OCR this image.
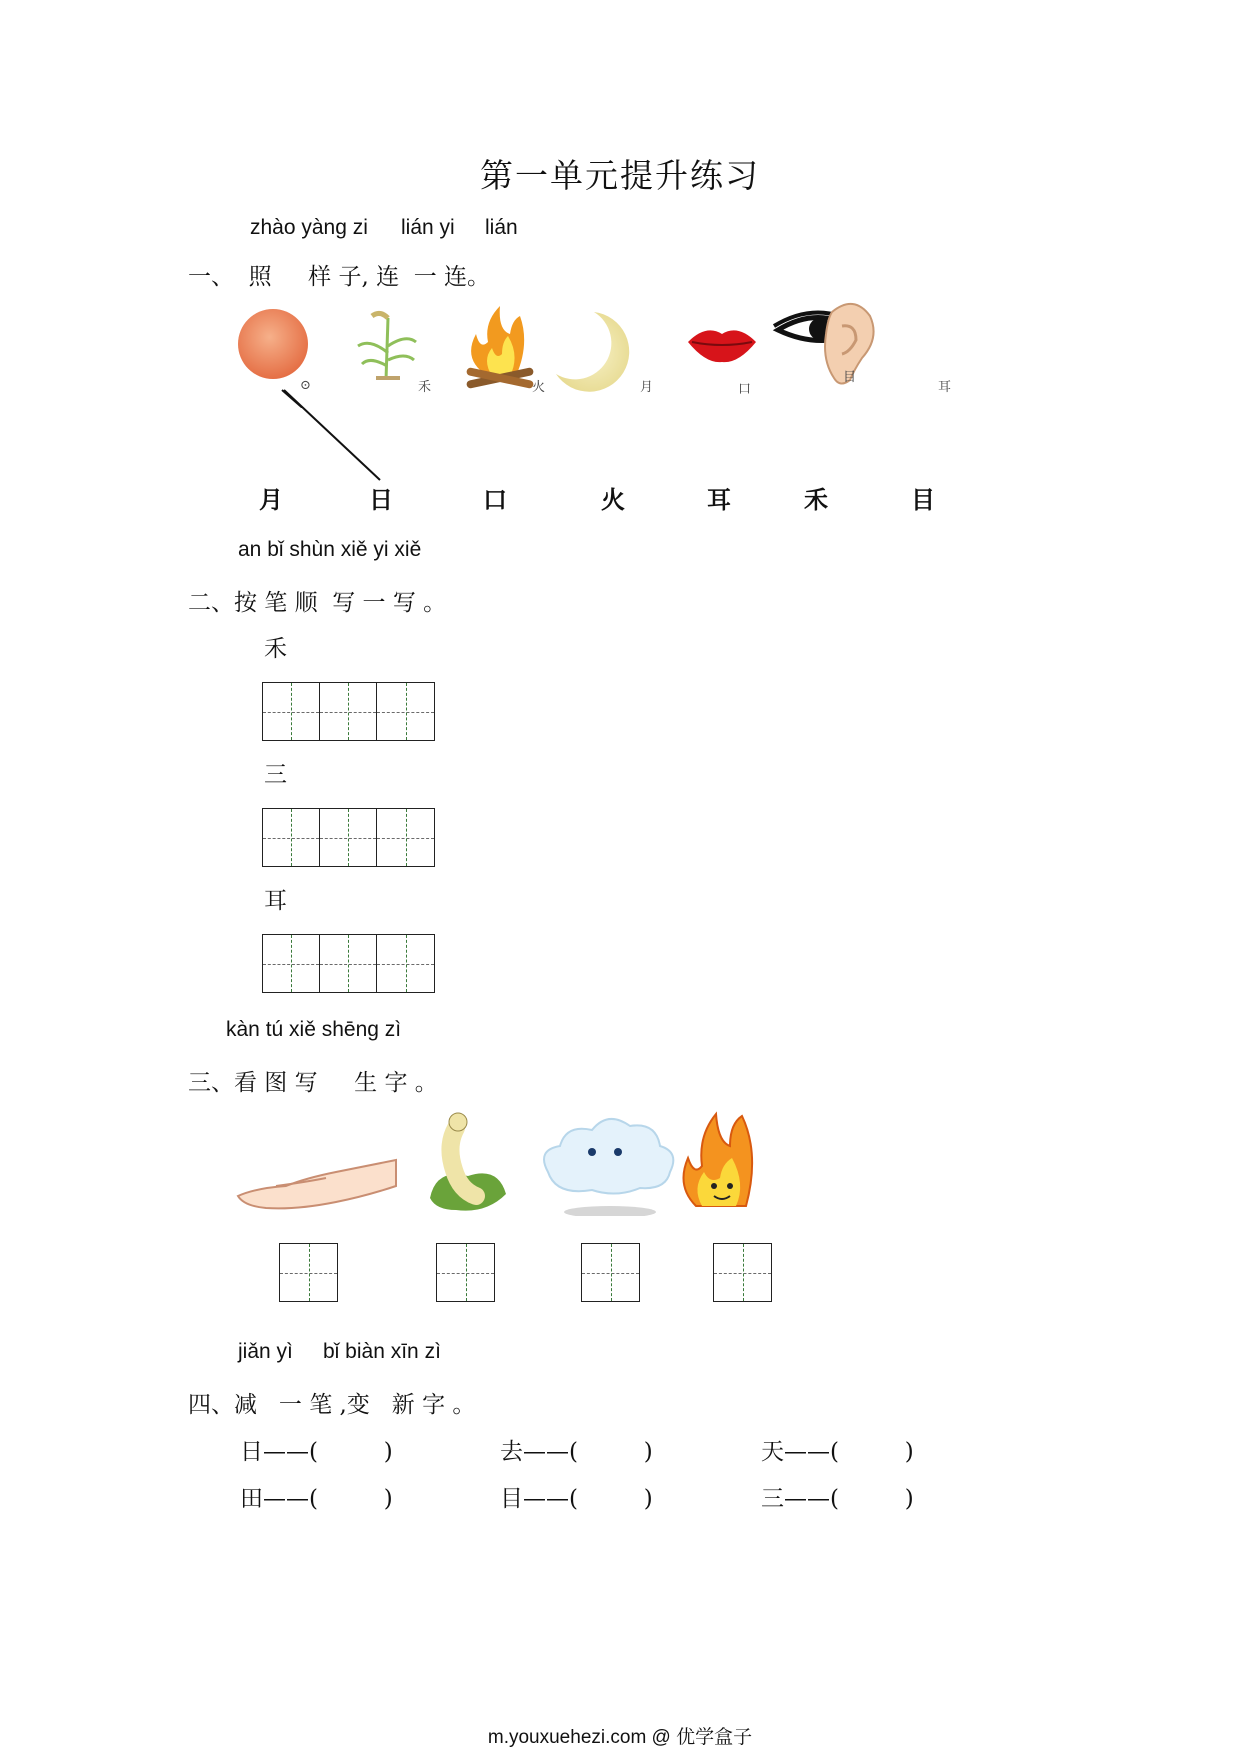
第一单元提升练习
zhào yàng zi lián yi lián
一、  照     样 子, 连  一 连。
⊙	禾	火	月	口
目
耳
月	日	口	火	耳	禾	目
an bǐ shùn xiě yi xiě
二、按 笔 顺  写 一 写 。
禾
三
耳
kàn tú xiě shēng zì
三、看 图 写     生 字 。
jiǎn yì bǐ biàn xīn zì
四、减   一 笔 ,变   新 字 。
日——(         )	去——(         )	天——(         )
田——(         )	目——(         )	三——(         )
m.youxuehezi.com @ 优学盒子
